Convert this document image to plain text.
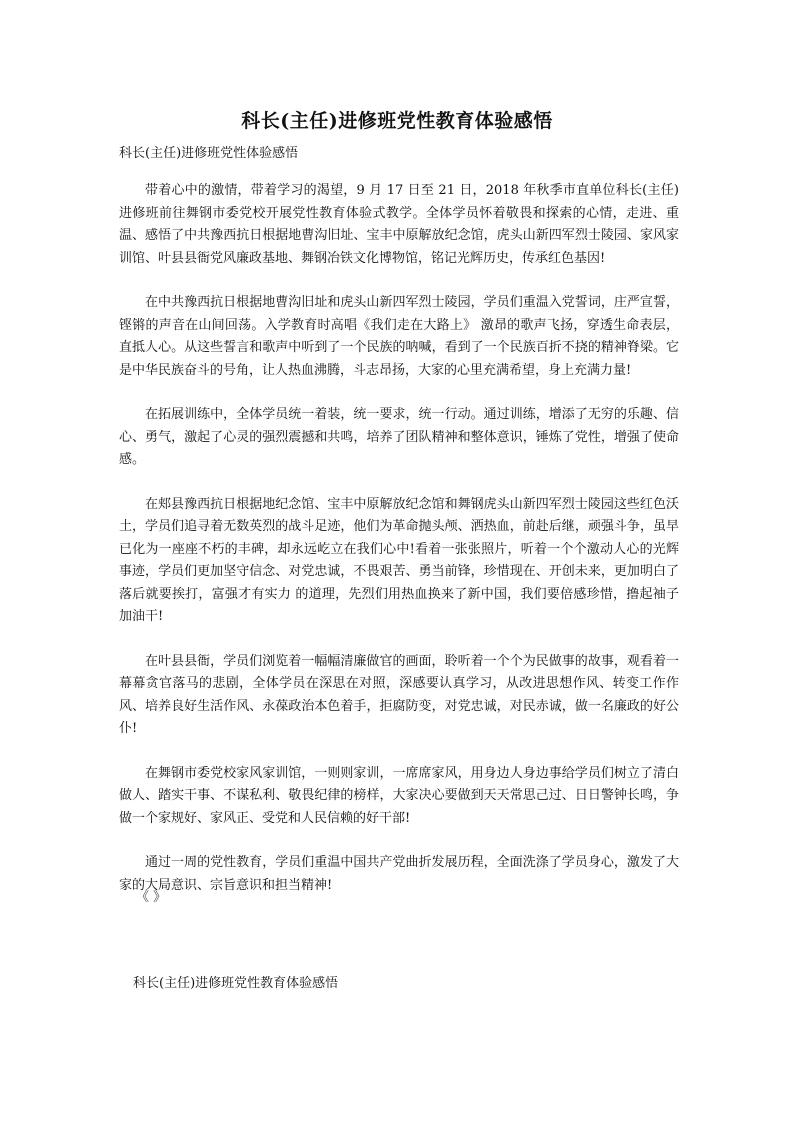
科长(主任)进修班党性教育体验感悟

科长(主任)进修班党性体验感悟

带着心中的激情，带着学习的渴望，9 月 17 日至 21 日，2018 年秋季市直单位科长(主任)进修班前往舞钢市委党校开展党性教育体验式教学。全体学员怀着敬畏和探索的心情，走进、重温、感悟了中共豫西抗日根据地曹沟旧址、宝丰中原解放纪念馆，虎头山新四军烈士陵园、家风家训馆、叶县县衙党风廉政基地、舞钢冶铁文化博物馆，铭记光辉历史，传承红色基因!

在中共豫西抗日根据地曹沟旧址和虎头山新四军烈士陵园，学员们重温入党誓词，庄严宣誓，铿锵的声音在山间回荡。入学教育时高唱《我们走在大路上》 激昂的歌声飞扬，穿透生命表层，直抵人心。从这些誓言和歌声中听到了一个民族的呐喊，看到了一个民族百折不挠的精神脊梁。它是中华民族奋斗的号角，让人热血沸腾，斗志昂扬，大家的心里充满希望，身上充满力量!

在拓展训练中，全体学员统一着装，统一要求，统一行动。通过训练，增添了无穷的乐趣、信心、勇气，激起了心灵的强烈震撼和共鸣，培养了团队精神和整体意识，锤炼了党性，增强了使命感。

在郏县豫西抗日根据地纪念馆、宝丰中原解放纪念馆和舞钢虎头山新四军烈士陵园这些红色沃土，学员们追寻着无数英烈的战斗足迹，他们为革命抛头颅、洒热血，前赴后继，顽强斗争，虽早已化为一座座不朽的丰碑，却永远屹立在我们心中!看着一张张照片，听着一个个激动人心的光辉事迹，学员们更加坚守信念、对党忠诚，不畏艰苦、勇当前锋，珍惜现在、开创未来，更加明白了 落后就要挨打，富强才有实力 的道理，先烈们用热血换来了新中国，我们要倍感珍惜，撸起袖子加油干!

在叶县县衙，学员们浏览着一幅幅清廉做官的画面，聆听着一个个为民做事的故事，观看着一幕幕贪官落马的悲剧，全体学员在深思在对照，深感要认真学习，从改进思想作风、转变工作作风、培养良好生活作风、永葆政治本色着手，拒腐防变，对党忠诚，对民赤诚，做一名廉政的好公仆!

在舞钢市委党校家风家训馆，一则则家训，一席席家风，用身边人身边事给学员们树立了清白做人、踏实干事、不谋私利、敬畏纪律的榜样，大家决心要做到天天常思己过、日日警钟长鸣，争做一个家规好、家风正、受党和人民信赖的好干部!

通过一周的党性教育，学员们重温中国共产党曲折发展历程，全面洗涤了学员身心，激发了大家的大局意识、宗旨意识和担当精神!

《 》

科长(主任)进修班党性教育体验感悟
